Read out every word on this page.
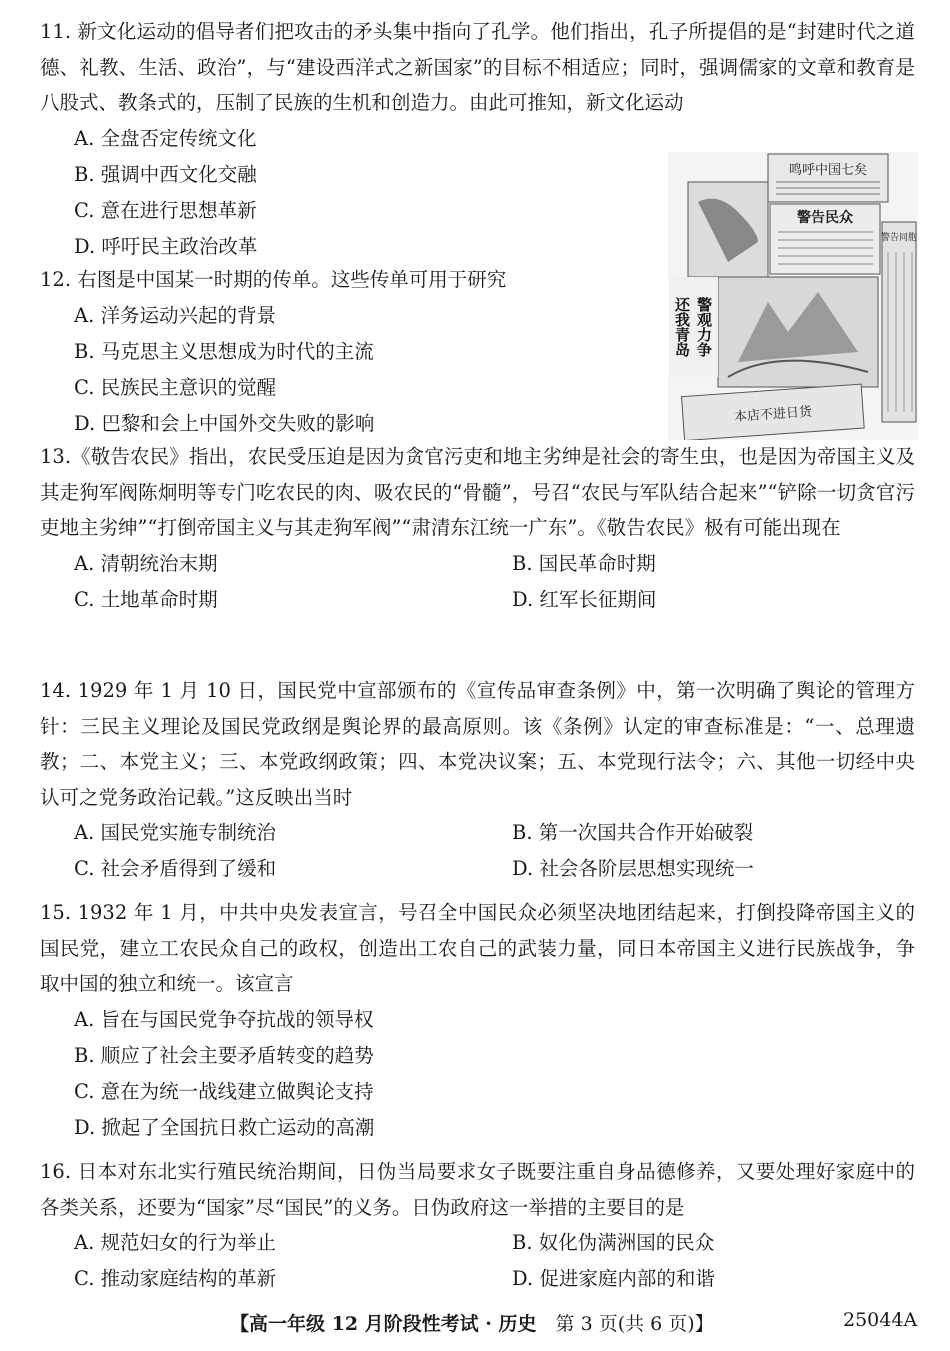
11. 新文化运动的倡导者们把攻击的矛头集中指向了孔学。他们指出，孔子所提倡的是“封建时代之道德、礼教、生活、政治”，与“建设西洋式之新国家”的目标不相适应；同时，强调儒家的文章和教育是八股式、教条式的，压制了民族的生机和创造力。由此可推知，新文化运动

A. 全盘否定传统文化
B. 强调中西文化交融
C. 意在进行思想革新
D. 呼吁民主政治改革

12. 右图是中国某一时期的传单。这些传单可用于研究

A. 洋务运动兴起的背景
B. 马克思主义思想成为时代的主流
C. 民族民主意识的觉醒
D. 巴黎和会上中国外交失败的影响
鸣呼中国七矣
警告民众
警告同胞
警观力争
还我青岛
本店不进日货

13.《敬告农民》指出，农民受压迫是因为贪官污吏和地主劣绅是社会的寄生虫，也是因为帝国主义及其走狗军阀陈炯明等专门吃农民的肉、吸农民的“骨髓”，号召“农民与军队结合起来”“铲除一切贪官污吏地主劣绅”“打倒帝国主义与其走狗军阀”“肃清东江统一广东”。《敬告农民》极有可能出现在

A. 清朝统治末期	B. 国民革命时期
C. 土地革命时期	D. 红军长征期间

14. 1929 年 1 月 10 日，国民党中宣部颁布的《宣传品审查条例》中，第一次明确了舆论的管理方针：三民主义理论及国民党政纲是舆论界的最高原则。该《条例》认定的审查标准是：“一、总理遗教；二、本党主义；三、本党政纲政策；四、本党决议案；五、本党现行法令；六、其他一切经中央认可之党务政治记载。”这反映出当时

A. 国民党实施专制统治	B. 第一次国共合作开始破裂
C. 社会矛盾得到了缓和	D. 社会各阶层思想实现统一

15. 1932 年 1 月，中共中央发表宣言，号召全中国民众必须坚决地团结起来，打倒投降帝国主义的国民党，建立工农民众自己的政权，创造出工农自己的武装力量，同日本帝国主义进行民族战争，争取中国的独立和统一。该宣言

A. 旨在与国民党争夺抗战的领导权
B. 顺应了社会主要矛盾转变的趋势
C. 意在为统一战线建立做舆论支持
D. 掀起了全国抗日救亡运动的高潮

16. 日本对东北实行殖民统治期间，日伪当局要求女子既要注重自身品德修养，又要处理好家庭中的各类关系，还要为“国家”尽“国民”的义务。日伪政府这一举措的主要目的是

A. 规范妇女的行为举止	B. 奴化伪满洲国的民众
C. 推动家庭结构的革新	D. 促进家庭内部的和谐
【高一年级 12 月阶段性考试 · 历史　第 3 页(共 6 页)】	25044A
